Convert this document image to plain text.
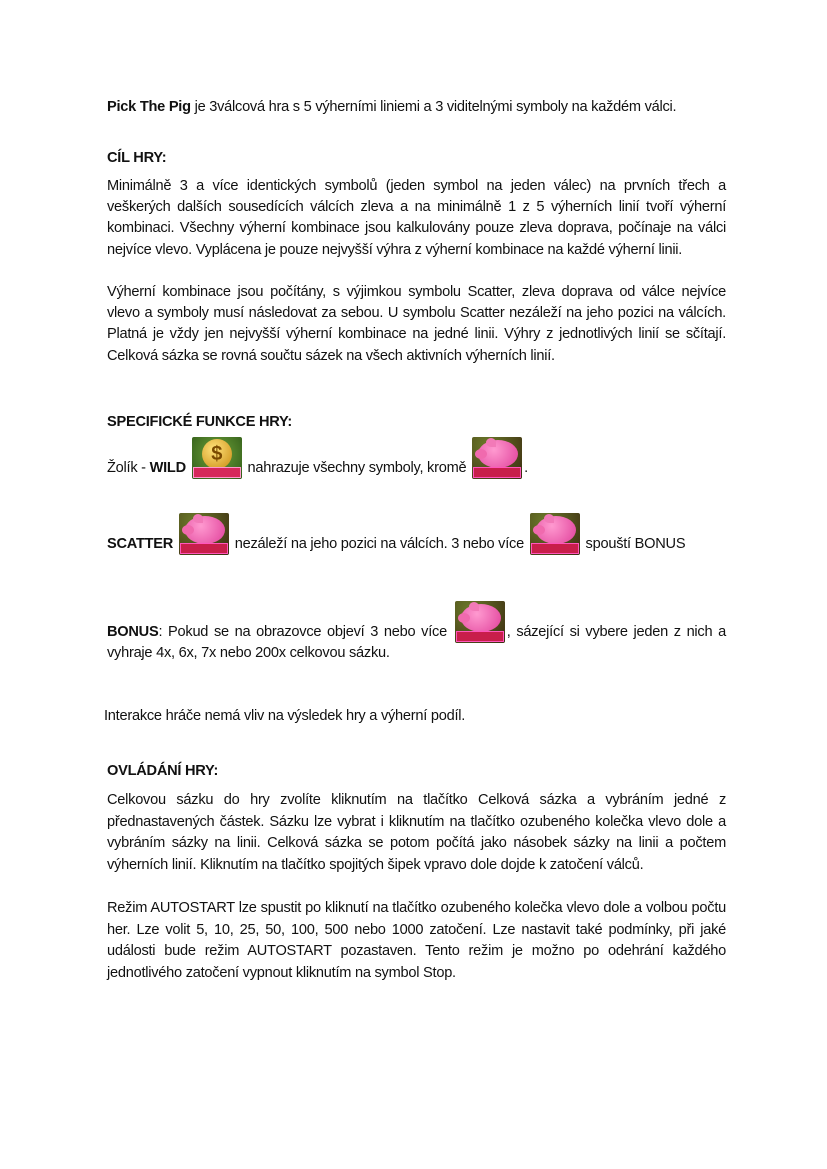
Pick The Pig je 3válcová hra s 5 výherními liniemi a 3 viditelnými symboly na každém válci.
CÍL HRY:
Minimálně 3 a více identických symbolů (jeden symbol na jeden válec) na prvních třech a veškerých dalších sousedících válcích zleva a na minimálně 1 z 5 výherních linií tvoří výherní kombinaci. Všechny výherní kombinace jsou kalkulovány pouze zleva doprava, počínaje na válci nejvíce vlevo. Vyplácena je pouze nejvyšší výhra z výherní kombinace na každé výherní linii.
Výherní kombinace jsou počítány, s výjimkou symbolu Scatter, zleva doprava od válce nejvíce vlevo a symboly musí následovat za sebou. U symbolu Scatter nezáleží na jeho pozici na válcích. Platná je vždy jen nejvyšší výherní kombinace na jedné linii. Výhry z jednotlivých linií se sčítají. Celková sázka se rovná součtu sázek na všech aktivních výherních linií.
SPECIFICKÉ FUNKCE HRY:
Žolík - WILD
$
nahrazuje všechny symboly, kromě	.
SCATTER	nezáleží na jeho pozici na válcích. 3 nebo více	spouští BONUS
BONUS: Pokud se na obrazovce objeví 3 nebo více	, sázející si vybere jeden z nich a vyhraje 4x, 6x, 7x nebo 200x celkovou sázku.
Interakce hráče nemá vliv na výsledek hry a výherní podíl.
OVLÁDÁNÍ HRY:
Celkovou sázku do hry zvolíte kliknutím na tlačítko Celková sázka a vybráním jedné z přednastavených částek. Sázku lze vybrat i kliknutím na tlačítko ozubeného kolečka vlevo dole a vybráním sázky na linii. Celková sázka se potom počítá jako násobek sázky na linii a počtem výherních linií. Kliknutím na tlačítko spojitých šipek vpravo dole dojde k zatočení válců.
Režim AUTOSTART lze spustit po kliknutí na tlačítko ozubeného kolečka vlevo dole a volbou počtu her. Lze volit 5, 10, 25, 50, 100, 500 nebo 1000 zatočení. Lze nastavit také podmínky, při jaké události bude režim AUTOSTART pozastaven. Tento režim je možno po odehrání každého jednotlivého zatočení vypnout kliknutím na symbol Stop.
